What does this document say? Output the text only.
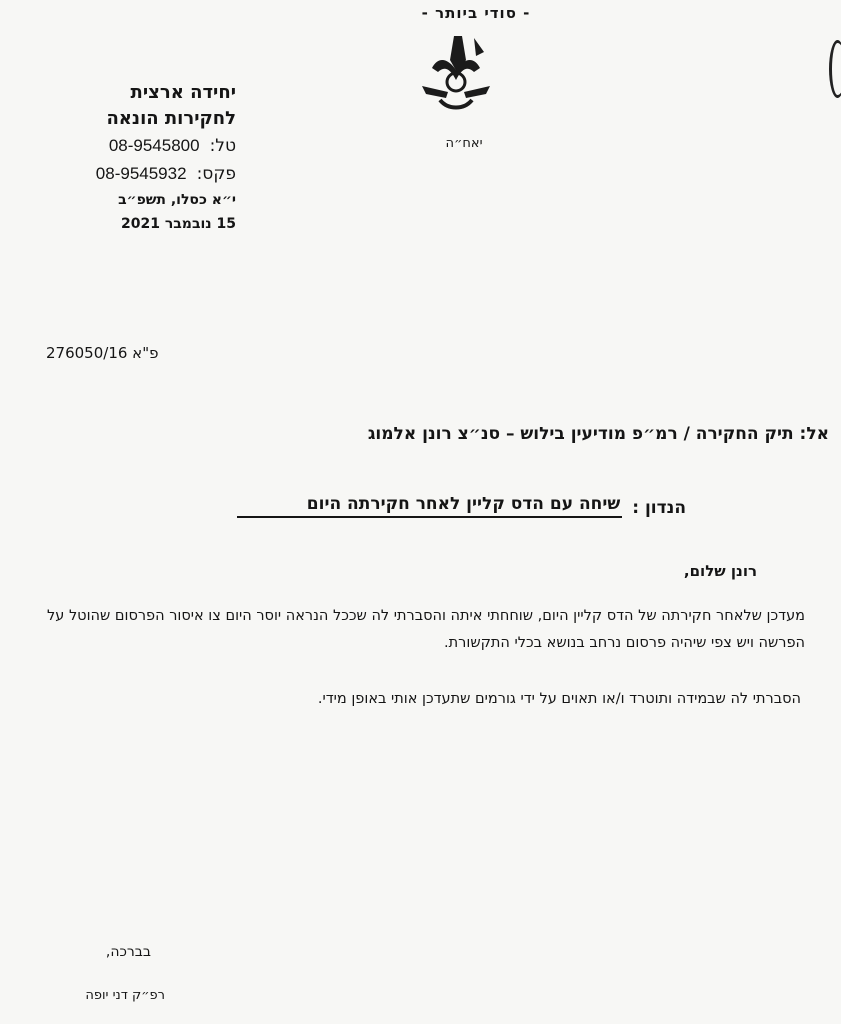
- סודי ביותר -
יאח״ה
יחידה ארצית
לחקירות הונאה
08-9545800 טל:
08-9545932 פקס:
י״א כסלו, תשפ״ב
15 נובמבר 2021
פ"א 276050/16
אל: תיק החקירה / רמ״פ מודיעין בילוש – סנ״צ רונן אלמוג
הנדון :
שיחה עם הדס קליין לאחר חקירתה היום
רונן שלום,
מעדכן שלאחר חקירתה של הדס קליין היום, שוחחתי איתה והסברתי לה שככל הנראה יוסר היום צו איסור הפרסום שהוטל על הפרשה ויש צפי שיהיה פרסום נרחב בנושא בכלי התקשורת.
הסברתי לה שבמידה ותוטרד ו/או תאוים על ידי גורמים שתעדכן אותי באופן מידי.
בברכה,
רפ״ק דני יופה
